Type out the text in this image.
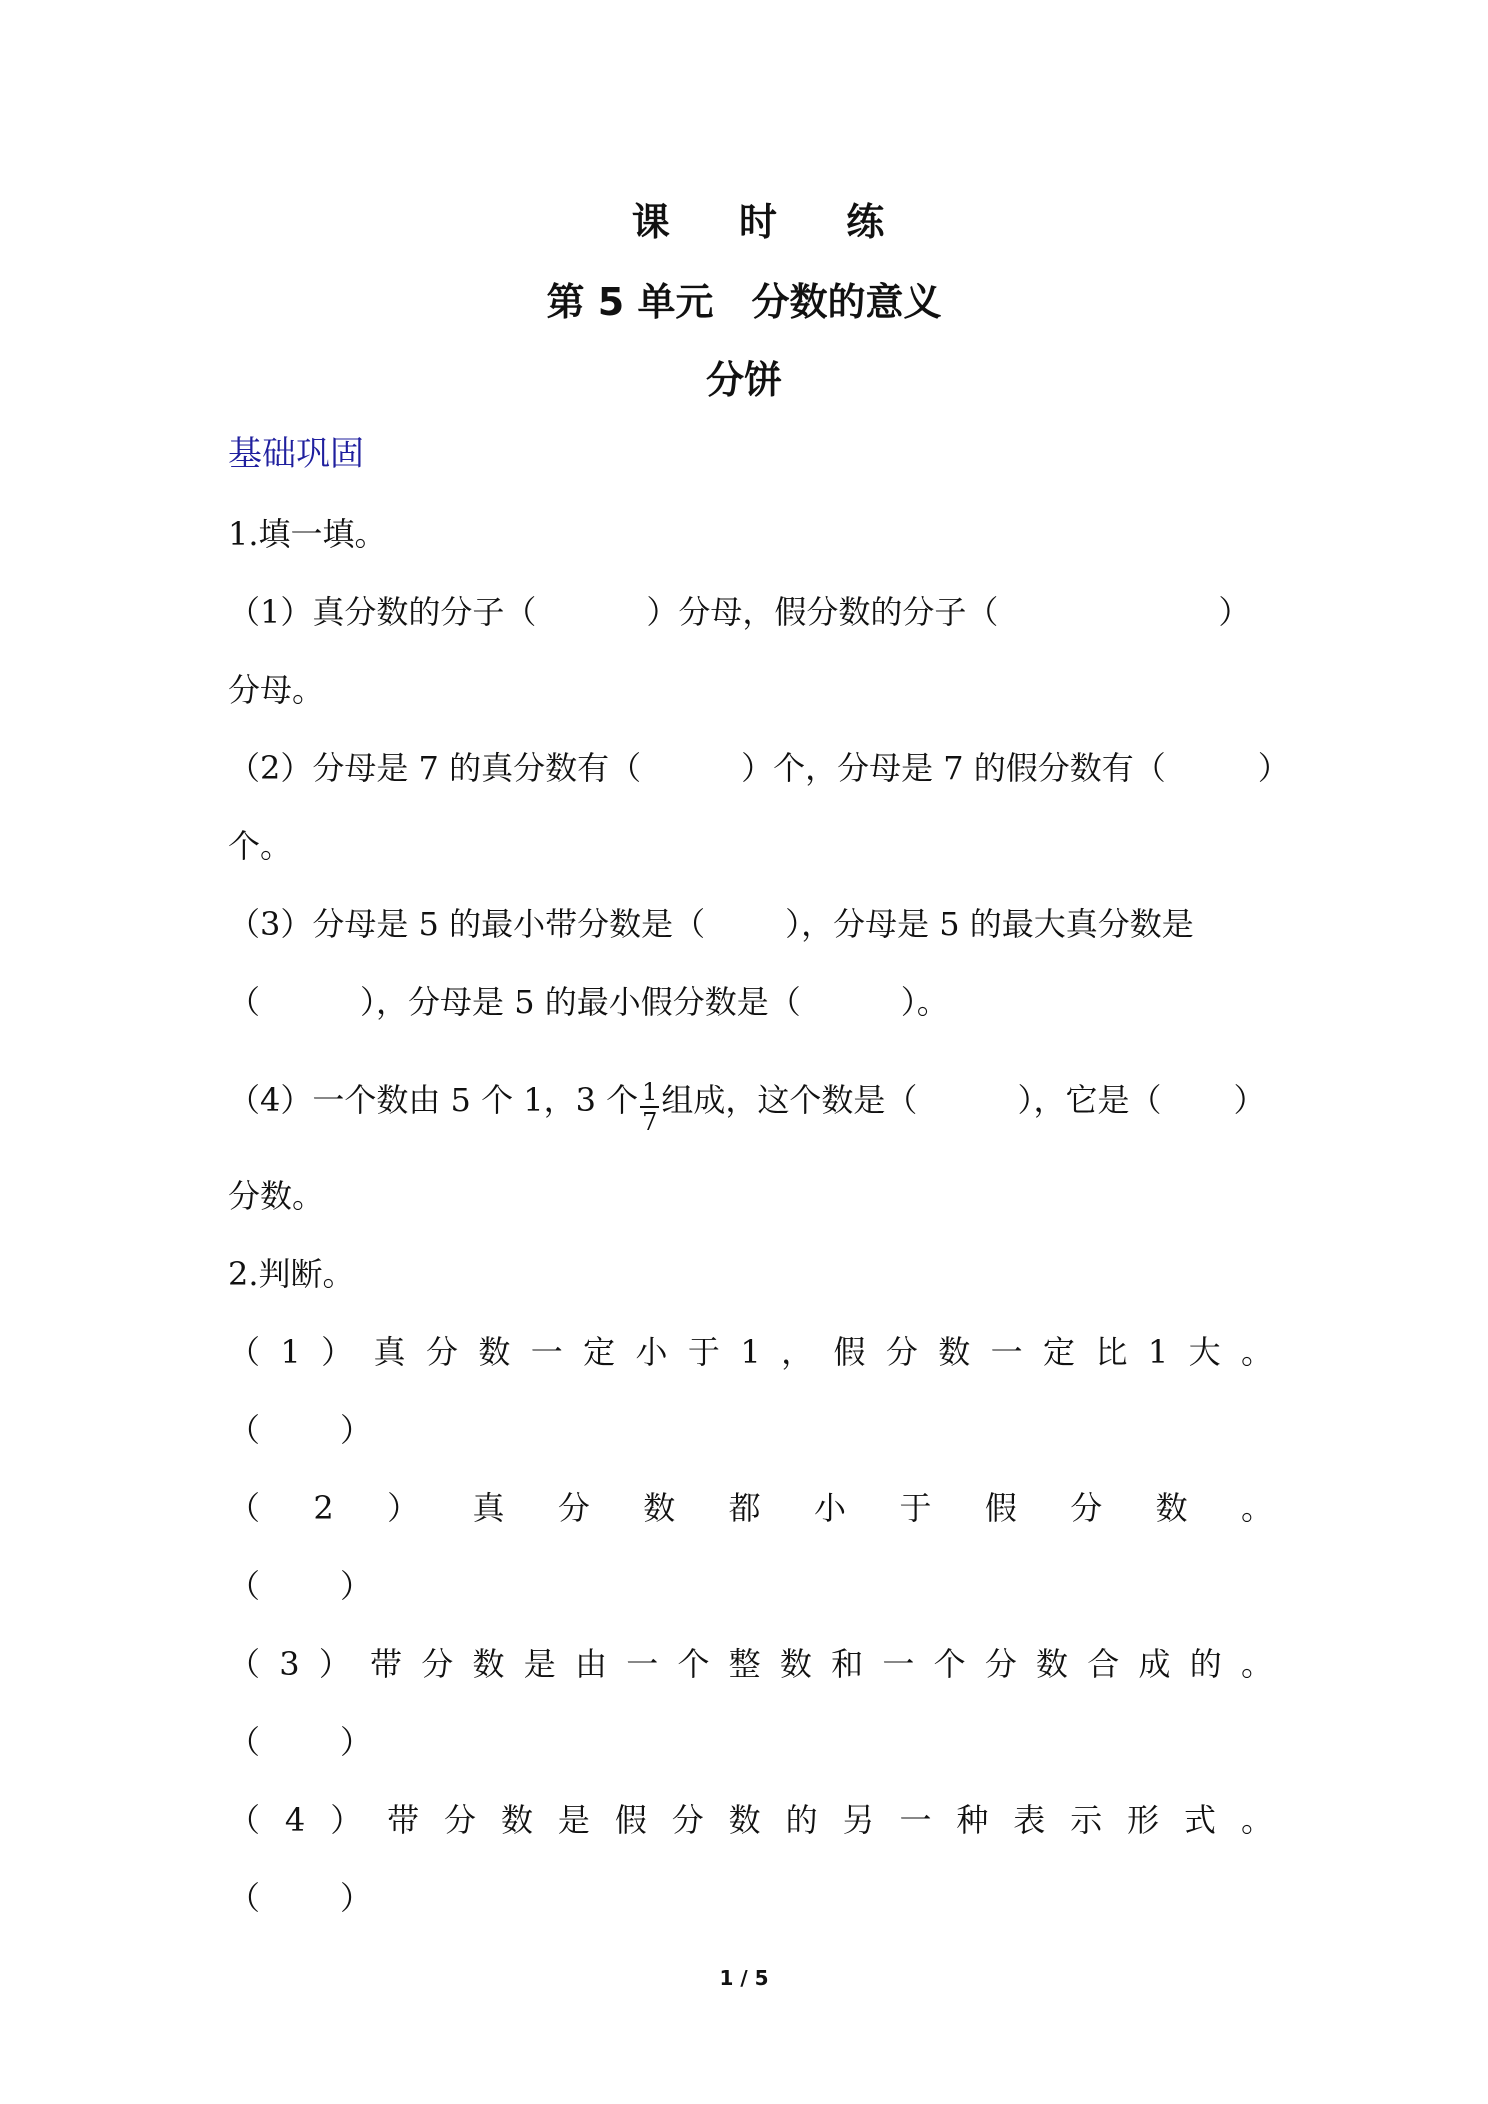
课 时 练
第 5 单元　分数的意义
分饼
基础巩固
1.填一填。
（1）真分数的分子（	）分母，假分数的分子（	）
分母。
（2）分母是 7 的真分数有（	）个，分母是 7 的假分数有（	）
个。
（3）分母是 5 的最小带分数是（	），分母是 5 的最大真分数是
（	），分母是 5 的最小假分数是（	）。
（4）一个数由 5 个 1，3 个 $\frac{1}{7}$ 组成，这个数是（	），它是（ ）
分数。
2.判断。
（1）真分数一定小于1，假分数一定比1大。
（	）
（2）真分数都小于假分数。
（	）
（3）带分数是由一个整数和一个分数合成的。
（	）
（4）带分数是假分数的另一种表示形式。
（	）
1 / 5
